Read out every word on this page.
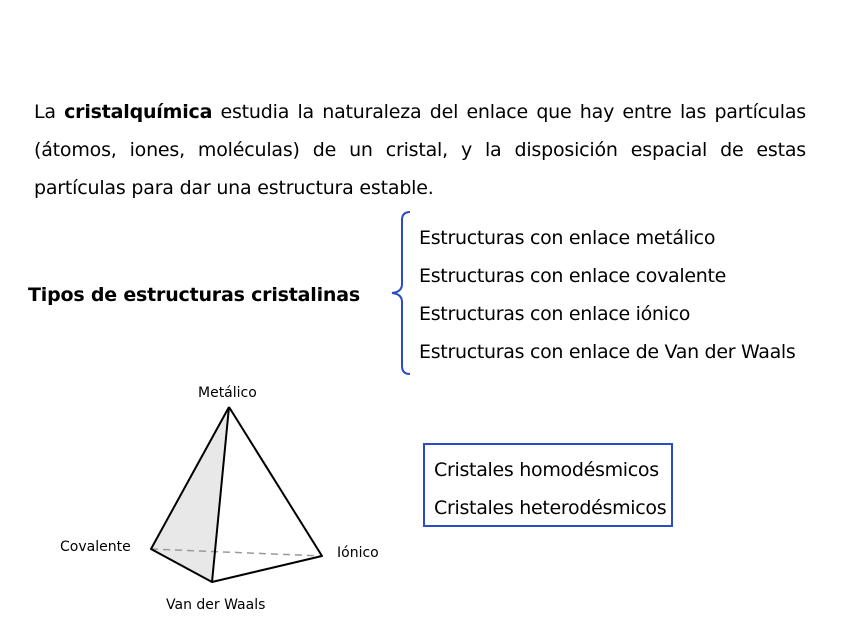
La cristalquímica estudia la naturaleza del enlace que hay entre las partículas (átomos, iones, moléculas) de un cristal, y la disposición espacial de estas partículas para dar una estructura estable.

Tipos de estructuras cristalinas
Estructuras con enlace metálico
Estructuras con enlace covalente
Estructuras con enlace iónico
Estructuras con enlace de Van der Waals
Metálico
Covalente	Iónico
Van der Waals
Cristales homodésmicos
Cristales heterodésmicos
